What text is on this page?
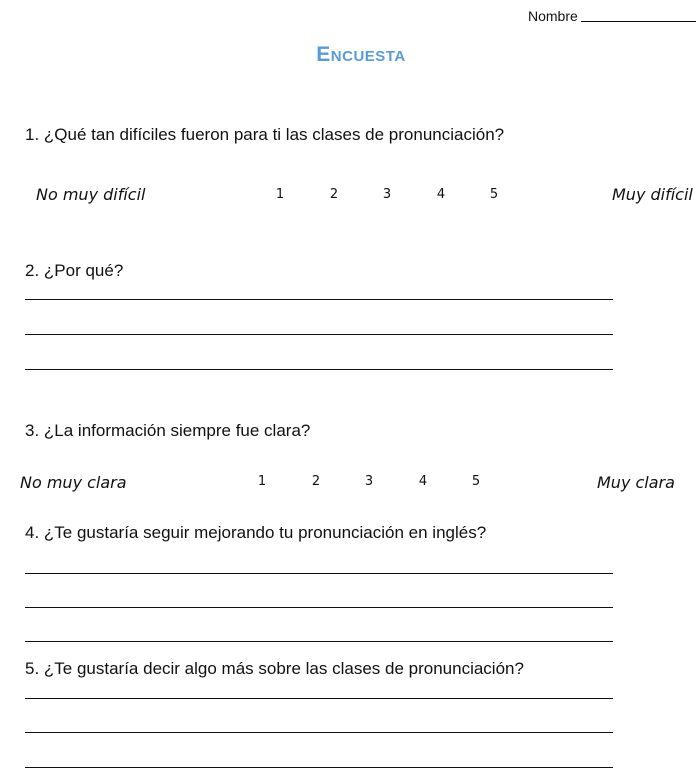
Nombre
Encuesta
1. ¿Qué tan difíciles fueron para ti las clases de pronunciación?
No muy difícil	1	2	3	4	5	Muy difícil
2. ¿Por qué?
3. ¿La información siempre fue clara?
No muy clara	1	2	3	4	5	Muy clara
4. ¿Te gustaría seguir mejorando tu pronunciación en inglés?
5. ¿Te gustaría decir algo más sobre las clases de pronunciación?
